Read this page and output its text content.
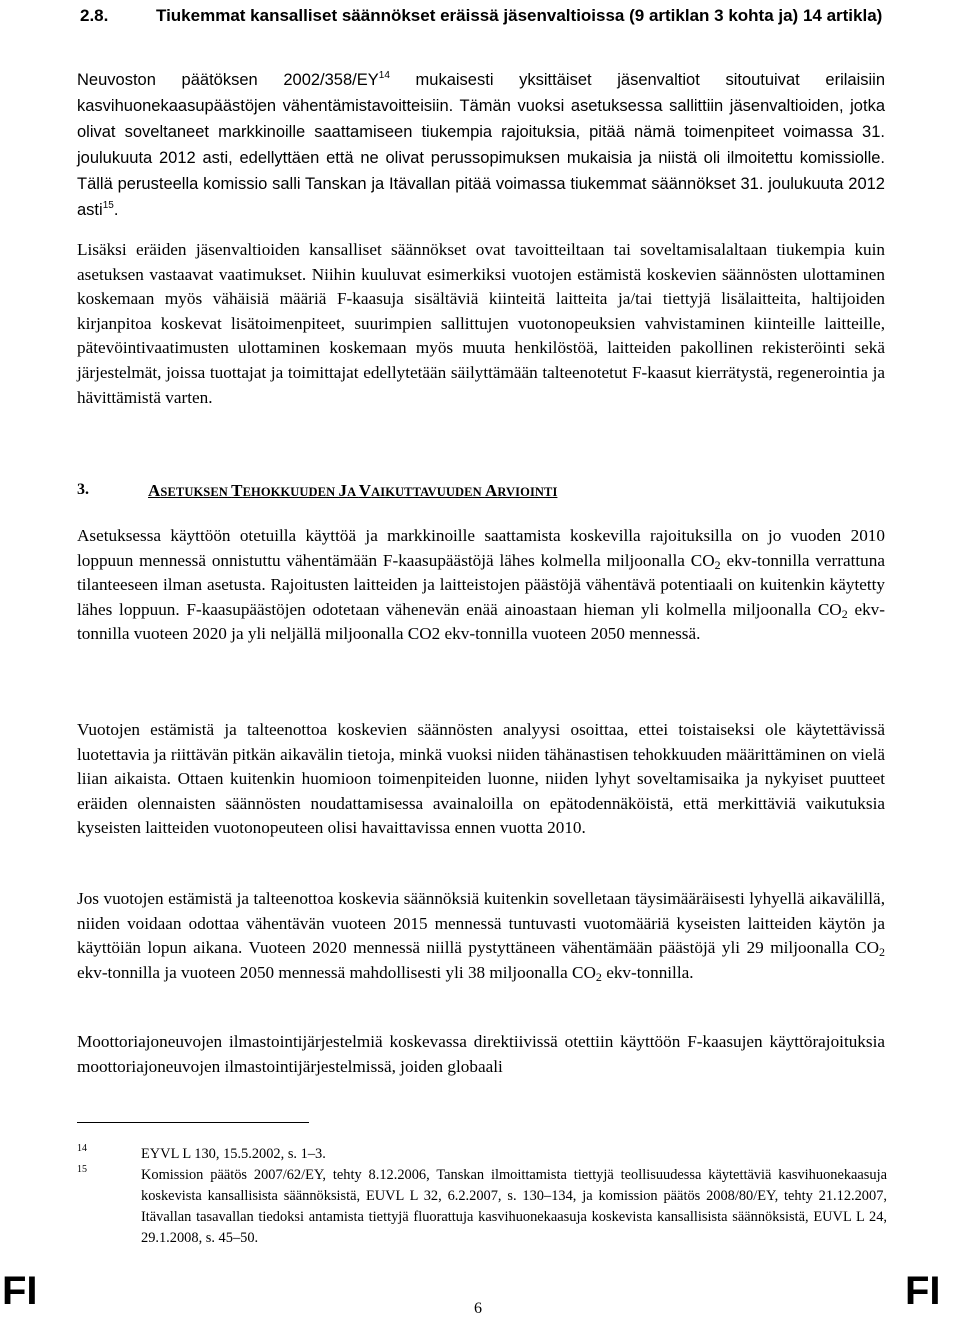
2.8.	Tiukemmat kansalliset säännökset eräissä jäsenvaltioissa (9 artiklan 3 kohta ja) 14 artikla)
Neuvoston päätöksen 2002/358/EY$^{14}$ mukaisesti yksittäiset jäsenvaltiot sitoutuivat erilaisiin kasvihuonekaasupäästöjen vähentämistavoitteisiin. Tämän vuoksi asetuksessa sallittiin jäsenvaltioiden, jotka olivat soveltaneet markkinoille saattamiseen tiukempia rajoituksia, pitää nämä toimenpiteet voimassa 31. joulukuuta 2012 asti, edellyttäen että ne olivat perussopimuksen mukaisia ja niistä oli ilmoitettu komissiolle. Tällä perusteella komissio salli Tanskan ja Itävallan pitää voimassa tiukemmat säännökset 31. joulukuuta 2012 asti$^{15}$.
Lisäksi eräiden jäsenvaltioiden kansalliset säännökset ovat tavoitteiltaan tai soveltamisalaltaan tiukempia kuin asetuksen vastaavat vaatimukset. Niihin kuuluvat esimerkiksi vuotojen estämistä koskevien säännösten ulottaminen koskemaan myös vähäisiä määriä F-kaasuja sisältäviä kiinteitä laitteita ja/tai tiettyjä lisälaitteita, haltijoiden kirjanpitoa koskevat lisätoimenpiteet, suurimpien sallittujen vuotonopeuksien vahvistaminen kiinteille laitteille, pätevöintivaatimusten ulottaminen koskemaan myös muuta henkilöstöä, laitteiden pakollinen rekisteröinti sekä järjestelmät, joissa tuottajat ja toimittajat edellytetään säilyttämään talteenotetut F-kaasut kierrätystä, regenerointia ja hävittämistä varten.
3.	ASETUKSEN TEHOKKUUDEN JA VAIKUTTAVUUDEN ARVIOINTI
Asetuksessa käyttöön otetuilla käyttöä ja markkinoille saattamista koskevilla rajoituksilla on jo vuoden 2010 loppuun mennessä onnistuttu vähentämään F-kaasupäästöjä lähes kolmella miljoonalla $CO_2$ ekv-tonnilla verrattuna tilanteeseen ilman asetusta. Rajoitusten laitteiden ja laitteistojen päästöjä vähentävä potentiaali on kuitenkin käytetty lähes loppuun. F-kaasupäästöjen odotetaan vähenevän enää ainoastaan hieman yli kolmella miljoonalla $CO_2$ ekv-tonnilla vuoteen 2020 ja yli neljällä miljoonalla CO2 ekv-tonnilla vuoteen 2050 mennessä.
Vuotojen estämistä ja talteenottoa koskevien säännösten analyysi osoittaa, ettei toistaiseksi ole käytettävissä luotettavia ja riittävän pitkän aikavälin tietoja, minkä vuoksi niiden tähänastisen tehokkuuden määrittäminen on vielä liian aikaista. Ottaen kuitenkin huomioon toimenpiteiden luonne, niiden lyhyt soveltamisaika ja nykyiset puutteet eräiden olennaisten säännösten noudattamisessa avainaloilla on epätodennäköistä, että merkittäviä vaikutuksia kyseisten laitteiden vuotonopeuteen olisi havaittavissa ennen vuotta 2010.
Jos vuotojen estämistä ja talteenottoa koskevia säännöksiä kuitenkin sovelletaan täysimääräisesti lyhyellä aikavälillä, niiden voidaan odottaa vähentävän vuoteen 2015 mennessä tuntuvasti vuotomääriä kyseisten laitteiden käytön ja käyttöiän lopun aikana. Vuoteen 2020 mennessä niillä pystyttäneen vähentämään päästöjä yli 29 miljoonalla $CO_2$ ekv-tonnilla ja vuoteen 2050 mennessä mahdollisesti yli 38 miljoonalla $CO_2$ ekv-tonnilla.
Moottoriajoneuvojen ilmastointijärjestelmiä koskevassa direktiivissä otettiin käyttöön F-kaasujen käyttörajoituksia moottoriajoneuvojen ilmastointijärjestelmissä, joiden globaali
14	EYVL L 130, 15.5.2002, s. 1–3.
15	Komission päätös 2007/62/EY, tehty 8.12.2006, Tanskan ilmoittamista tiettyjä teollisuudessa käytettäviä kasvihuonekaasuja koskevista kansallisista säännöksistä, EUVL L 32, 6.2.2007, s. 130–134, ja komission päätös 2008/80/EY, tehty 21.12.2007, Itävallan tasavallan tiedoksi antamista tiettyjä fluorattuja kasvihuonekaasuja koskevista kansallisista säännöksistä, EUVL L 24, 29.1.2008, s. 45–50.
FI	6	FI
